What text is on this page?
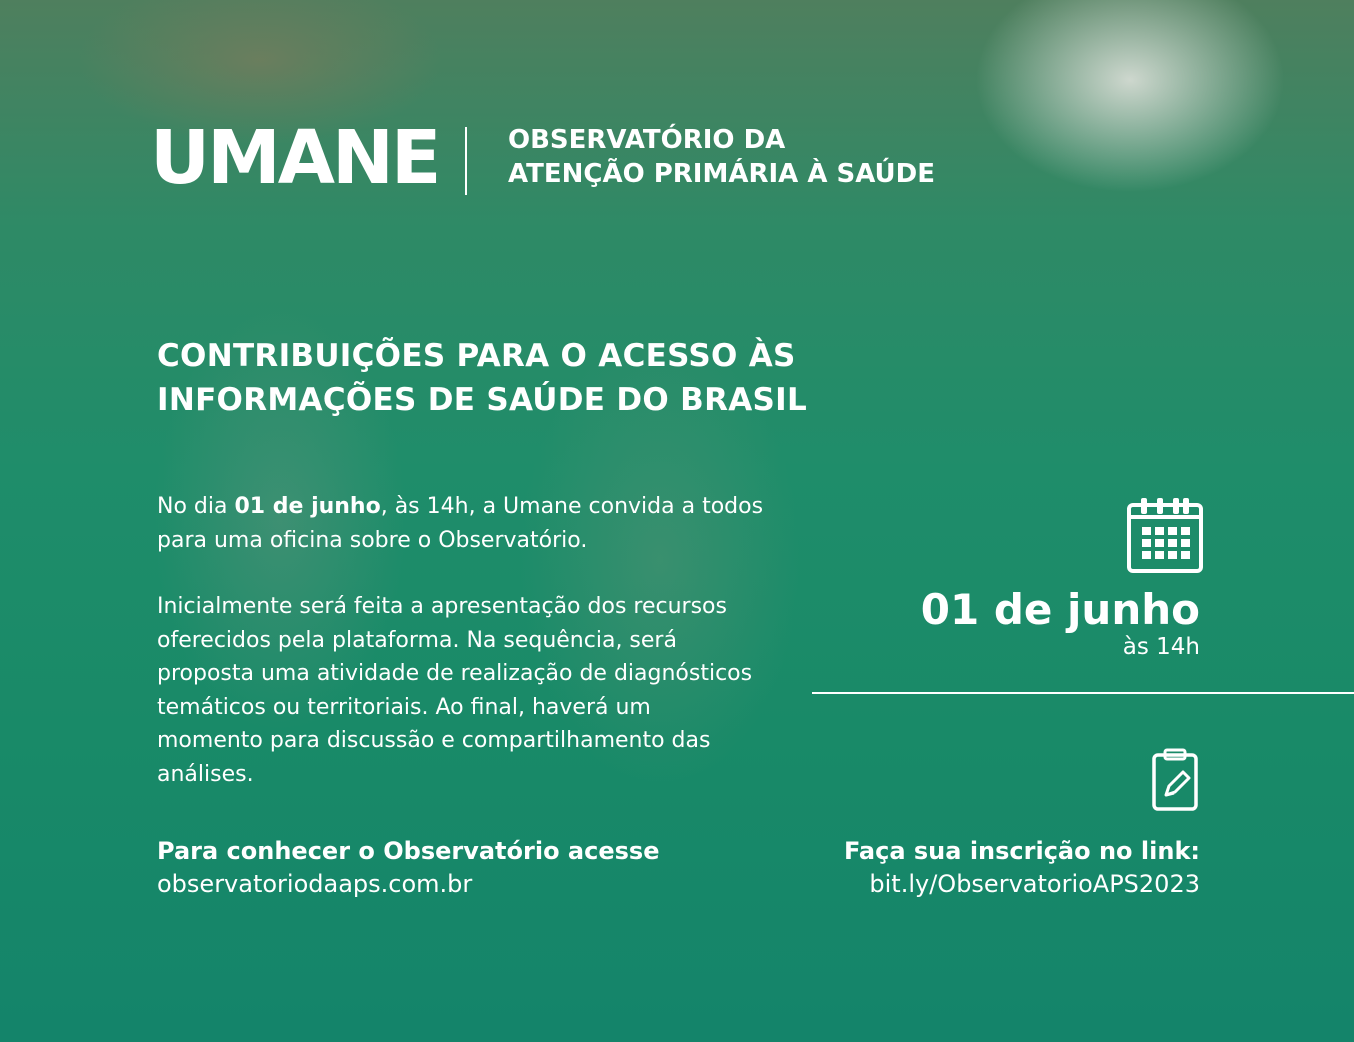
UMANE	OBSERVATÓRIO DA
ATENÇÃO PRIMÁRIA À SAÚDE
CONTRIBUIÇÕES PARA O ACESSO ÀS
INFORMAÇÕES DE SAÚDE DO BRASIL
No dia 01 de junho, às 14h, a Umane convida a todos para uma oficina sobre o Observatório.
Inicialmente será feita a apresentação dos recursos oferecidos pela plataforma. Na sequência, será proposta uma atividade de realização de diagnósticos temáticos ou territoriais. Ao final, haverá um momento para discussão e compartilhamento das análises.
Para conhecer o Observatório acesse
observatoriodaaps.com.br
01 de junho
às 14h
Faça sua inscrição no link:
bit.ly/ObservatorioAPS2023
